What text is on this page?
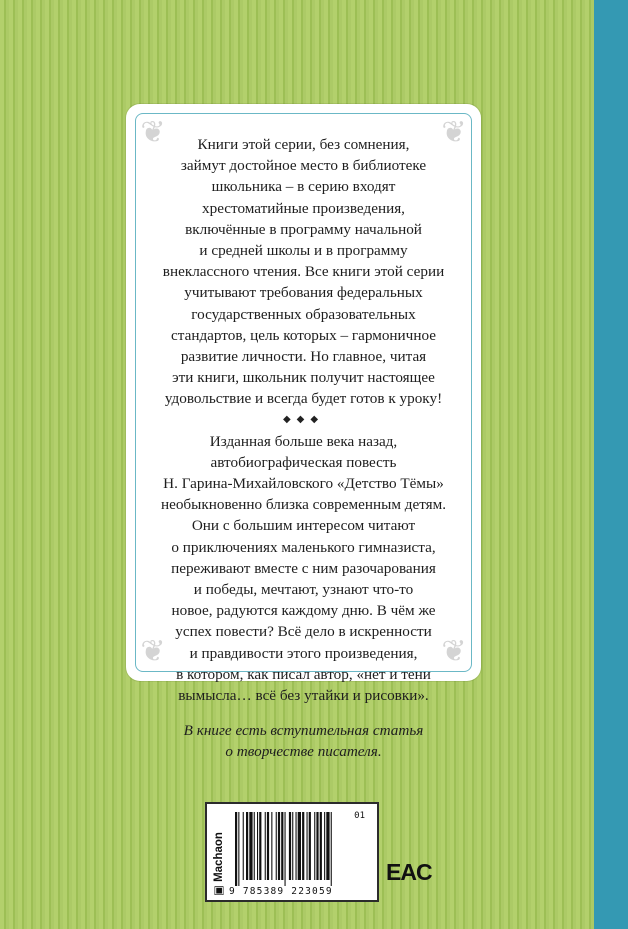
❦	❦
❦	❦

Книги этой серии, без сомнения,
займут достойное место в библиотеке
школьника – в серию входят
хрестоматийные произведения,
включённые в программу начальной
и средней школы и в программу
внеклассного чтения. Все книги этой серии
учитывают требования федеральных
государственных образовательных
стандартов, цель которых – гармоничное
развитие личности. Но главное, читая
эти книги, школьник получит настоящее
удовольствие и всегда будет готов к уроку!

◆◆◆

Изданная больше века назад,
автобиографическая повесть
Н. Гарина-Михайловского «Детство Тёмы»
необыкновенно близка современным детям.
Они с большим интересом читают
о приключениях маленького гимназиста,
переживают вместе с ним разочарования
и победы, мечтают, узнают что-то
новое, радуются каждому дню. В чём же
успех повести? Всё дело в искренности
и правдивости этого произведения,
в котором, как писал автор, «нет и тени
вымысла… всё без утайки и рисовки».

В книге есть вступительная статья
о творчестве писателя.

▣ Machaon
9 785389 223059
01
EAC
